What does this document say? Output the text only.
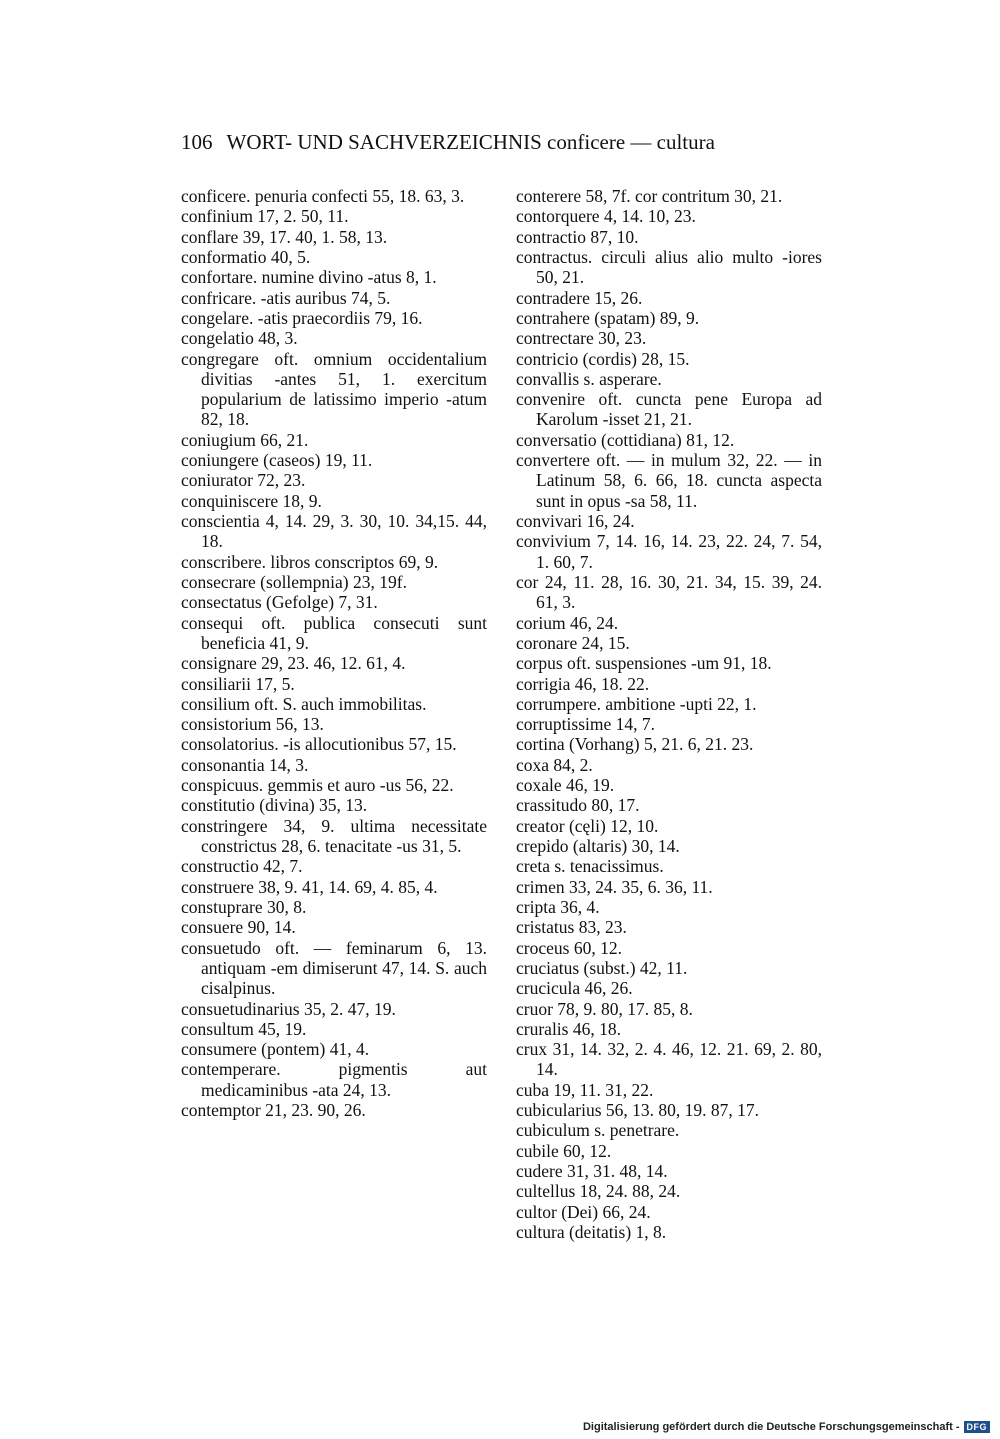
106 WORT- UND SACHVERZEICHNIS conficere — cultura

conficere. penuria confecti 55, 18. 63, 3.

confinium 17, 2. 50, 11.

conflare 39, 17. 40, 1. 58, 13.

conformatio 40, 5.

confortare. numine divino -atus 8, 1.

confricare. -atis auribus 74, 5.

congelare. -atis praecordiis 79, 16.

congelatio 48, 3.

congregare oft. omnium occidentalium divitias -antes 51, 1. exercitum popularium de latissimo imperio -atum 82, 18.

coniugium 66, 21.

coniungere (caseos) 19, 11.

coniurator 72, 23.

conquiniscere 18, 9.

conscientia 4, 14. 29, 3. 30, 10. 34,15. 44, 18.

conscribere. libros conscriptos 69, 9.

consecrare (sollempnia) 23, 19f.

consectatus (Gefolge) 7, 31.

consequi oft. publica consecuti sunt beneficia 41, 9.

consignare 29, 23. 46, 12. 61, 4.

consiliarii 17, 5.

consilium oft. S. auch immobilitas.

consistorium 56, 13.

consolatorius. -is allocutionibus 57, 15.

consonantia 14, 3.

conspicuus. gemmis et auro -us 56, 22.

constitutio (divina) 35, 13.

constringere 34, 9. ultima necessitate constrictus 28, 6. tenacitate -us 31, 5.

constructio 42, 7.

construere 38, 9. 41, 14. 69, 4. 85, 4.

constuprare 30, 8.

consuere 90, 14.

consuetudo oft. — feminarum 6, 13. antiquam -em dimiserunt 47, 14. S. auch cisalpinus.

consuetudinarius 35, 2. 47, 19.

consultum 45, 19.

consumere (pontem) 41, 4.

contemperare. pigmentis aut medicaminibus -ata 24, 13.

contemptor 21, 23. 90, 26.

conterere 58, 7f. cor contritum 30, 21.

contorquere 4, 14. 10, 23.

contractio 87, 10.

contractus. circuli alius alio multo -iores 50, 21.

contradere 15, 26.

contrahere (spatam) 89, 9.

contrectare 30, 23.

contricio (cordis) 28, 15.

convallis s. asperare.

convenire oft. cuncta pene Europa ad Karolum -isset 21, 21.

conversatio (cottidiana) 81, 12.

convertere oft. — in mulum 32, 22. — in Latinum 58, 6. 66, 18. cuncta aspecta sunt in opus -sa 58, 11.

convivari 16, 24.

convivium 7, 14. 16, 14. 23, 22. 24, 7. 54, 1. 60, 7.

cor 24, 11. 28, 16. 30, 21. 34, 15. 39, 24. 61, 3.

corium 46, 24.

coronare 24, 15.

corpus oft. suspensiones -um 91, 18.

corrigia 46, 18. 22.

corrumpere. ambitione -upti 22, 1.

corruptissime 14, 7.

cortina (Vorhang) 5, 21. 6, 21. 23.

coxa 84, 2.

coxale 46, 19.

crassitudo 80, 17.

creator (cęli) 12, 10.

crepido (altaris) 30, 14.

creta s. tenacissimus.

crimen 33, 24. 35, 6. 36, 11.

cripta 36, 4.

cristatus 83, 23.

croceus 60, 12.

cruciatus (subst.) 42, 11.

crucicula 46, 26.

cruor 78, 9. 80, 17. 85, 8.

cruralis 46, 18.

crux 31, 14. 32, 2. 4. 46, 12. 21. 69, 2. 80, 14.

cuba 19, 11. 31, 22.

cubicularius 56, 13. 80, 19. 87, 17.

cubiculum s. penetrare.

cubile 60, 12.

cudere 31, 31. 48, 14.

cultellus 18, 24. 88, 24.

cultor (Dei) 66, 24.

cultura (deitatis) 1, 8.

Digitalisierung gefördert durch die Deutsche Forschungsgemeinschaft - DFG
